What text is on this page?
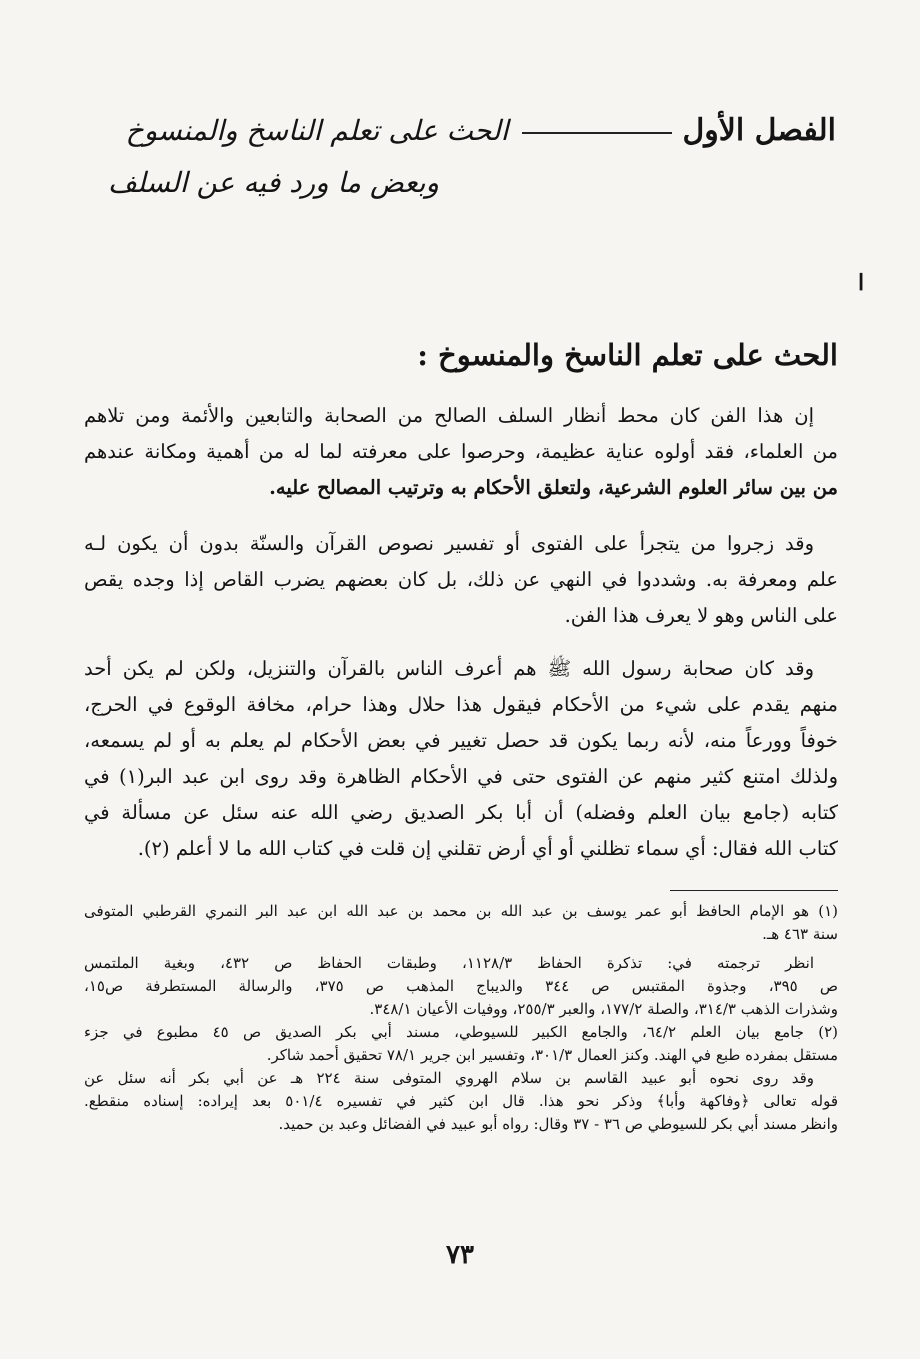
الفصل الأول
الحث على تعلم الناسخ والمنسوخ
وبعض ما ورد فيه عن السلف
ا
الحث على تعلم الناسخ والمنسوخ :
إن هذا الفن كان محط أنظار السلف الصالح من الصحابة والتابعين والأئمة ومن تلاهم
من العلماء، فقد أولوه عناية عظيمة، وحرصوا على معرفته لما له من أهمية ومكانة عندهم
من بين سائر العلوم الشرعية، ولتعلق الأحكام به وترتيب المصالح عليه.
وقد زجروا من يتجرأ على الفتوى أو تفسير نصوص القرآن والسنّة بدون أن يكون لـه
علم ومعرفة به. وشددوا في النهي عن ذلك، بل كان بعضهم يضرب القاص إذا وجده يقص
على الناس وهو لا يعرف هذا الفن.
وقد كان صحابة رسول الله ﷺ هم أعرف الناس بالقرآن والتنزيل، ولكن لم يكن أحد
منهم يقدم على شيء من الأحكام فيقول هذا حلال وهذا حرام، مخافة الوقوع في الحرج،
خوفاً وورعاً منه، لأنه ربما يكون قد حصل تغيير في بعض الأحكام لم يعلم به أو لم يسمعه،
ولذلك امتنع كثير منهم عن الفتوى حتى في الأحكام الظاهرة وقد روى ابن عبد البر(١) في
كتابه (جامع بيان العلم وفضله) أن أبا بكر الصديق رضي الله عنه سئل عن مسألة في
كتاب الله فقال: أي سماء تظلني أو أي أرض تقلني إن قلت في كتاب الله ما لا أعلم (٢).
(١) هو الإمام الحافظ أبو عمر يوسف بن عبد الله بن محمد بن عبد الله ابن عبد البر النمري القرطبي المتوفى
سنة ٤٦٣ هـ.
انظر ترجمته في: تذكرة الحفاظ ١١٢٨/٣، وطبقات الحفاظ ص ٤٣٢، وبغية الملتمس
ص ٣٩٥، وجذوة المقتبس ص ٣٤٤ والديباج المذهب ص ٣٧٥، والرسالة المستطرفة ص١٥،
وشذرات الذهب ٣١٤/٣، والصلة ١٧٧/٢، والعبر ٢٥٥/٣، ووفيات الأعيان ٣٤٨/١.
(٢) جامع بيان العلم ٦٤/٢، والجامع الكبير للسيوطي، مسند أبي بكر الصديق ص ٤٥ مطبوع في جزء
مستقل بمفرده طبع في الهند. وكنز العمال ٣٠١/٣، وتفسير ابن جرير ٧٨/١ تحقيق أحمد شاكر.
وقد روى نحوه أبو عبيد القاسم بن سلام الهروي المتوفى سنة ٢٢٤ هـ عن أبي بكر أنه سئل عن
قوله تعالى ﴿وفاكهة وأبا﴾ وذكر نحو هذا. قال ابن كثير في تفسيره ٥٠١/٤ بعد إيراده: إسناده منقطع.
وانظر مسند أبي بكر للسيوطي ص ٣٦ - ٣٧ وقال: رواه أبو عبيد في الفضائل وعبد بن حميد.
٧٣
